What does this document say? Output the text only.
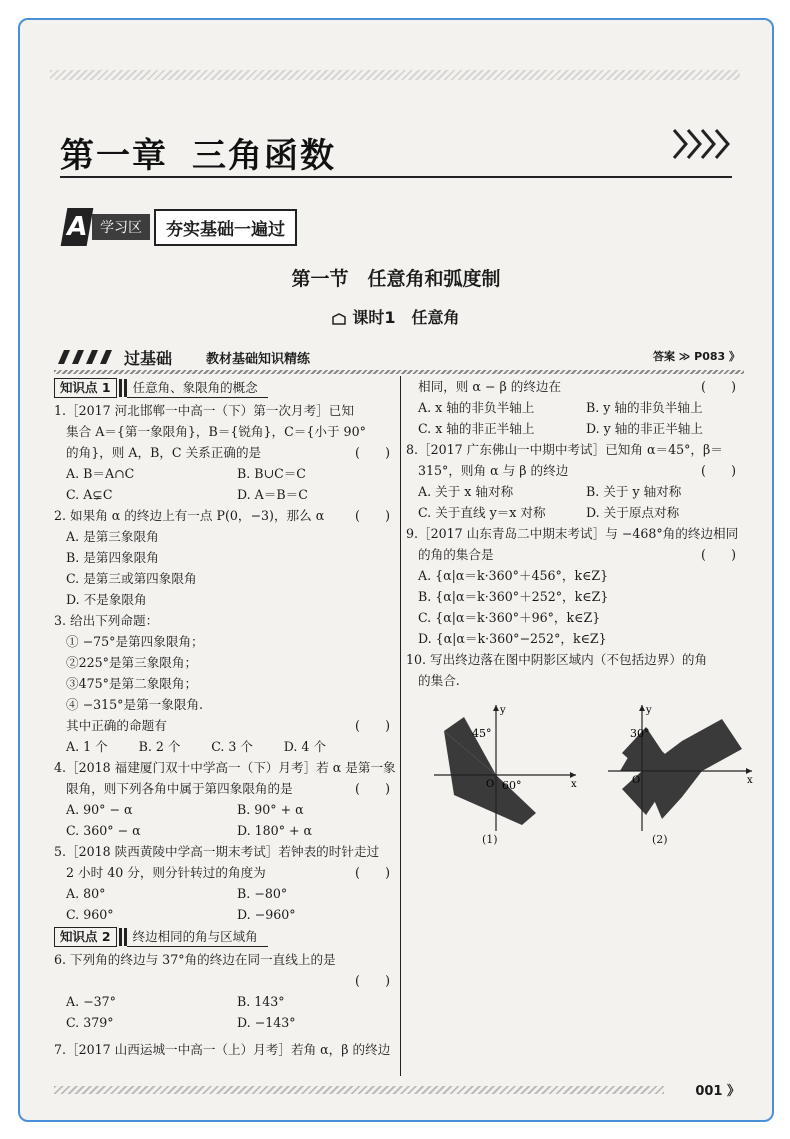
第一章 三角函数
A 学习区	夯实基础一遍过
第一节　任意角和弧度制
课时1　任意角
过基础	教材基础知识精练	答案 ≫ P083 》
知识点 1	任意角、象限角的概念
1.［2017 河北邯郸一中高一（下）第一次月考］已知
集合 A＝{第一象限角}，B＝{锐角}，C＝{小于 90°
的角}，则 A，B，C 关系正确的是	(　　)
A. B＝A∩C	B. B∪C＝C
C. A⊊C	D. A＝B＝C
2. 如果角 α 的终边上有一点 P(0，−3)，那么 α (　　)
A. 是第三象限角
B. 是第四象限角
C. 是第三或第四象限角
D. 不是象限角
3. 给出下列命题：
① −75°是第四象限角；
②225°是第三象限角；
③475°是第二象限角；
④ −315°是第一象限角.
其中正确的命题有	(　　)
A. 1 个	B. 2 个	C. 3 个	D. 4 个
4.［2018 福建厦门双十中学高一（下）月考］若 α 是第一象
限角，则下列各角中属于第四象限角的是	(　　)
A. 90° − α	B. 90° + α
C. 360° − α	D. 180° + α
5.［2018 陕西黄陵中学高一期末考试］若钟表的时针走过
2 小时 40 分，则分针转过的角度为	(　　)
A. 80°	B. −80°
C. 960°	D. −960°
知识点 2	终边相同的角与区域角
6. 下列角的终边与 37°角的终边在同一直线上的是
(　　)
A. −37°	B. 143°
C. 379°	D. −143°
7.［2017 山西运城一中高一（上）月考］若角 α，β 的终边
相同，则 α − β 的终边在	(　　)
A. x 轴的非负半轴上	B. y 轴的非负半轴上
C. x 轴的非正半轴上	D. y 轴的非正半轴上
8.［2017 广东佛山一中期中考试］已知角 α＝45°，β＝
315°，则角 α 与 β 的终边	(　　)
A. 关于 x 轴对称	B. 关于 y 轴对称
C. 关于直线 y＝x 对称	D. 关于原点对称
9.［2017 山东青岛二中期末考试］与 −468°角的终边相同
的角的集合是	(　　)
A. {α|α＝k·360°＋456°，k∈Z}
B. {α|α＝k·360°＋252°，k∈Z}
C. {α|α＝k·360°＋96°，k∈Z}
D. {α|α＝k·360°−252°，k∈Z}
10. 写出终边落在图中阴影区域内（不包括边界）的角
的集合.
45°
60°
O	x
y
30°
O	x
y
(1)	(2)
001 》
